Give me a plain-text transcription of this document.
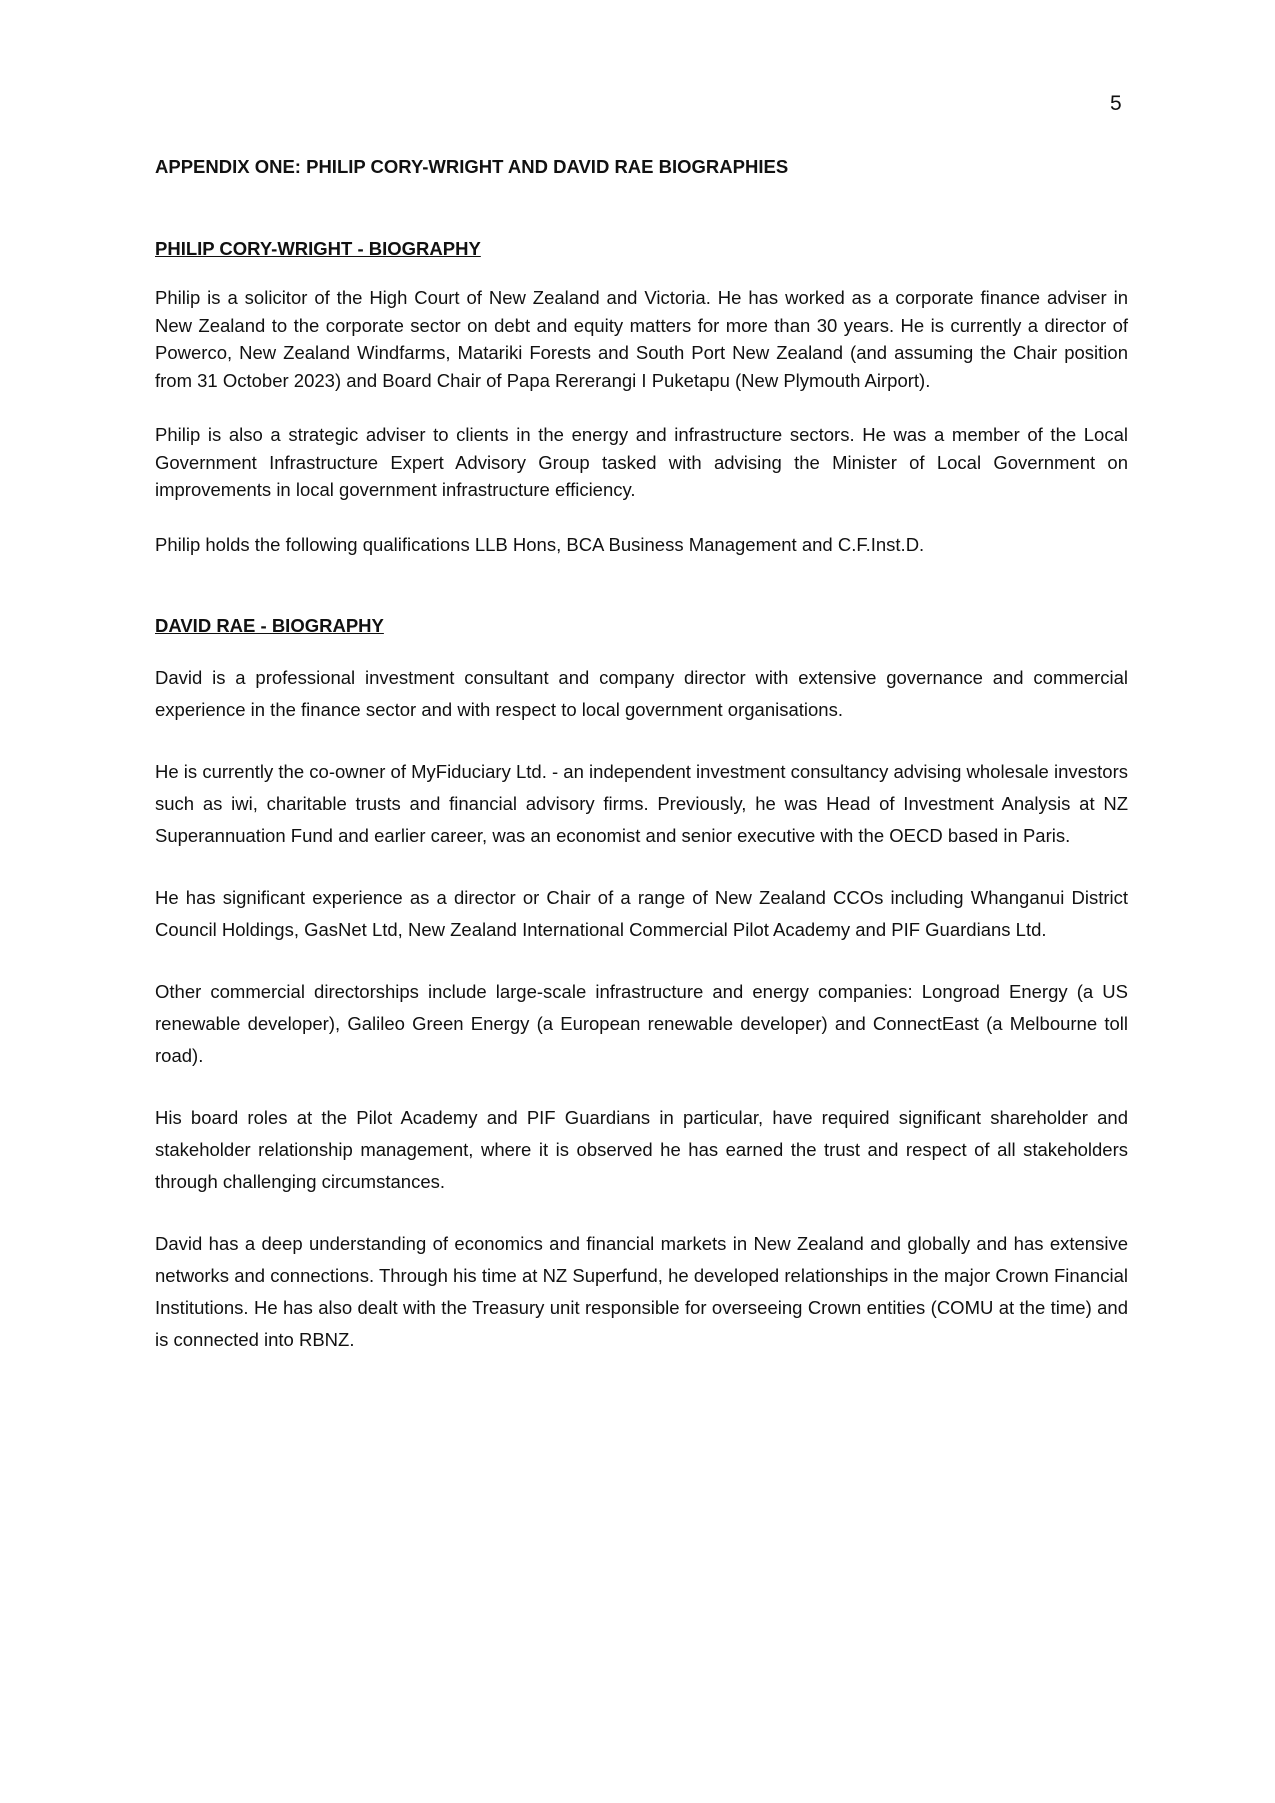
5

APPENDIX ONE: PHILIP CORY-WRIGHT AND DAVID RAE BIOGRAPHIES

PHILIP CORY-WRIGHT - BIOGRAPHY

Philip is a solicitor of the High Court of New Zealand and Victoria. He has worked as a corporate finance adviser in New Zealand to the corporate sector on debt and equity matters for more than 30 years. He is currently a director of Powerco, New Zealand Windfarms, Matariki Forests and South Port New Zealand (and assuming the Chair position from 31 October 2023) and Board Chair of Papa Rererangi I Puketapu (New Plymouth Airport).

Philip is also a strategic adviser to clients in the energy and infrastructure sectors. He was a member of the Local Government Infrastructure Expert Advisory Group tasked with advising the Minister of Local Government on improvements in local government infrastructure efficiency.

Philip holds the following qualifications LLB Hons, BCA Business Management and C.F.Inst.D.

DAVID RAE - BIOGRAPHY

David is a professional investment consultant and company director with extensive governance and commercial experience in the finance sector and with respect to local government organisations.

He is currently the co-owner of MyFiduciary Ltd. - an independent investment consultancy advising wholesale investors such as iwi, charitable trusts and financial advisory firms. Previously, he was Head of Investment Analysis at NZ Superannuation Fund and earlier career, was an economist and senior executive with the OECD based in Paris.

He has significant experience as a director or Chair of a range of New Zealand CCOs including Whanganui District Council Holdings, GasNet Ltd, New Zealand International Commercial Pilot Academy and PIF Guardians Ltd.

Other commercial directorships include large-scale infrastructure and energy companies: Longroad Energy (a US renewable developer), Galileo Green Energy (a European renewable developer) and ConnectEast (a Melbourne toll road).

His board roles at the Pilot Academy and PIF Guardians in particular, have required significant shareholder and stakeholder relationship management, where it is observed he has earned the trust and respect of all stakeholders through challenging circumstances.

David has a deep understanding of economics and financial markets in New Zealand and globally and has extensive networks and connections. Through his time at NZ Superfund, he developed relationships in the major Crown Financial Institutions. He has also dealt with the Treasury unit responsible for overseeing Crown entities (COMU at the time) and is connected into RBNZ.
